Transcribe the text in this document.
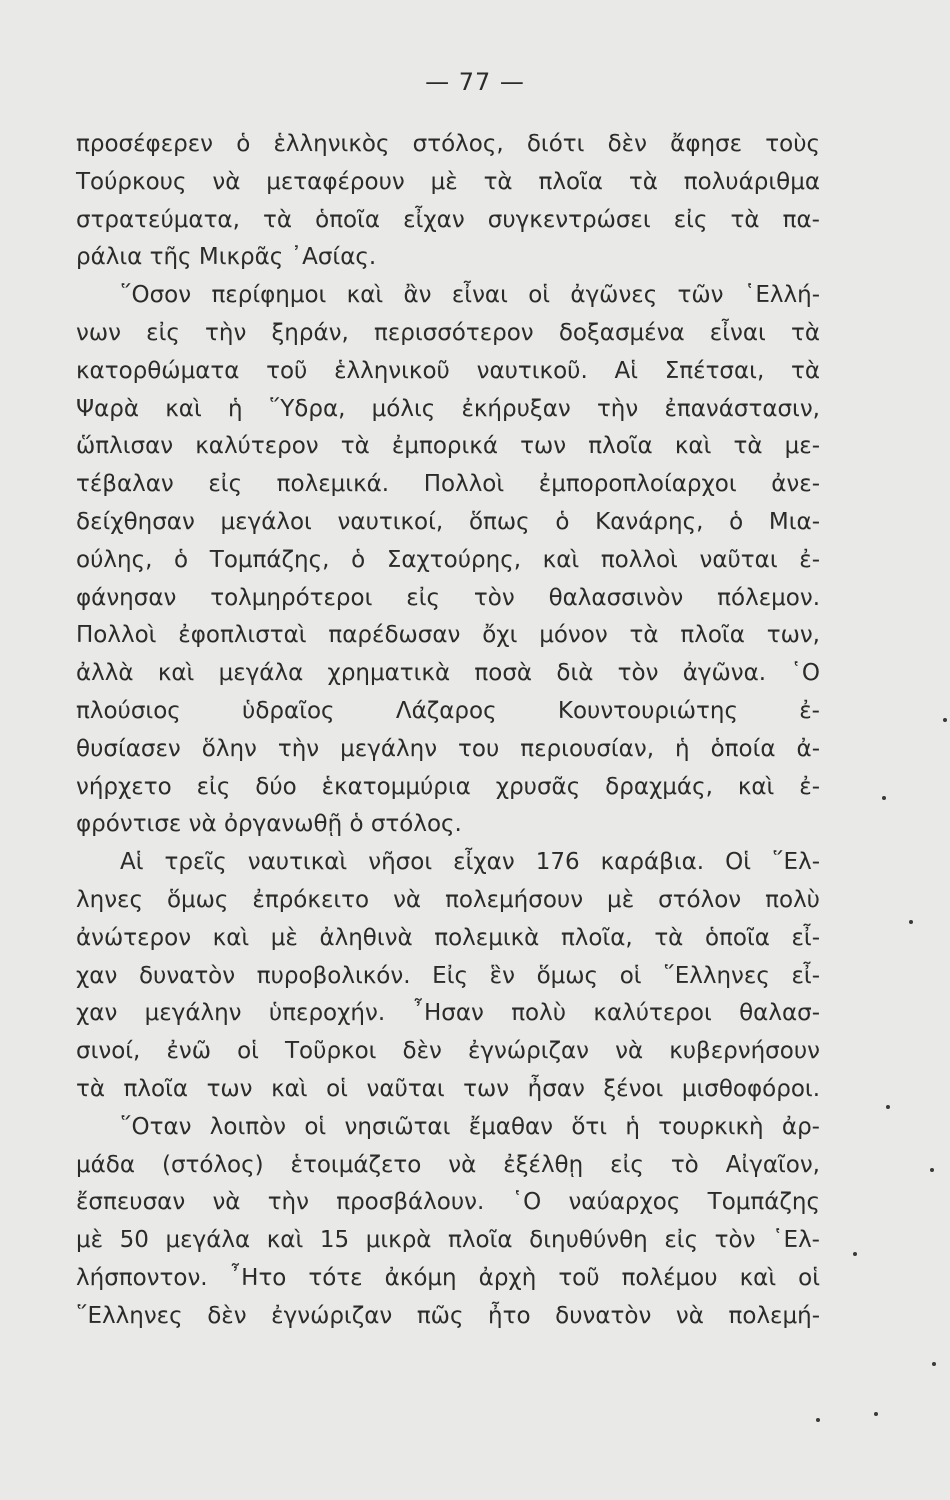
— 77 —
προσέφερεν ὁ ἑλληνικὸς στόλος, διότι δὲν ἄφησε τοὺς
Τούρκους νὰ μεταφέρουν μὲ τὰ πλοῖα τὰ πολυάριθμα
στρατεύματα, τὰ ὁποῖα εἶχαν συγκεντρώσει εἰς τὰ πα-
ράλια τῆς Μικρᾶς ᾿Ασίας.
῞Οσον περίφημοι καὶ ἂν εἶναι οἱ ἀγῶνες τῶν ῾Ελλή-
νων εἰς τὴν ξηράν, περισσότερον δοξασμένα εἶναι τὰ
κατορθώματα τοῦ ἑλληνικοῦ ναυτικοῦ. Αἱ Σπέτσαι, τὰ
Ψαρὰ καὶ ἡ ῞Υδρα, μόλις ἐκήρυξαν τὴν ἐπανάστασιν,
ὥπλισαν καλύτερον τὰ ἐμπορικά των πλοῖα καὶ τὰ με-
τέβαλαν εἰς πολεμικά. Πολλοὶ ἐμποροπλοίαρχοι ἀνε-
δείχθησαν μεγάλοι ναυτικοί, ὅπως ὁ Κανάρης, ὁ Μια-
ούλης, ὁ Τομπάζης, ὁ Σαχτούρης, καὶ πολλοὶ ναῦται ἐ-
φάνησαν τολμηρότεροι εἰς τὸν θαλασσινὸν πόλεμον.
Πολλοὶ ἐφοπλισταὶ παρέδωσαν ὄχι μόνον τὰ πλοῖα των,
ἀλλὰ καὶ μεγάλα χρηματικὰ ποσὰ διὰ τὸν ἀγῶνα. ῾Ο
πλούσιος ὑδραῖος Λάζαρος Κουντουριώτης ἐ-
θυσίασεν ὅλην τὴν μεγάλην του περιουσίαν, ἡ ὁποία ἀ-
νήρχετο εἰς δύο ἑκατομμύρια χρυσᾶς δραχμάς, καὶ ἐ-
φρόντισε νὰ ὀργανωθῇ ὁ στόλος.
Αἱ τρεῖς ναυτικαὶ νῆσοι εἶχαν 176 καράβια. Οἱ ῞Ελ-
ληνες ὅμως ἐπρόκειτο νὰ πολεμήσουν μὲ στόλον πολὺ
ἀνώτερον καὶ μὲ ἀληθινὰ πολεμικὰ πλοῖα, τὰ ὁποῖα εἶ-
χαν δυνατὸν πυροβολικόν. Εἰς ἓν ὅμως οἱ ῞Ελληνες εἶ-
χαν μεγάλην ὑπεροχήν. ῏Ησαν πολὺ καλύτεροι θαλασ-
σινοί, ἐνῶ οἱ Τοῦρκοι δὲν ἐγνώριζαν νὰ κυβερνήσουν
τὰ πλοῖα των καὶ οἱ ναῦται των ἦσαν ξένοι μισθοφόροι.
῞Οταν λοιπὸν οἱ νησιῶται ἔμαθαν ὅτι ἡ τουρκικὴ ἀρ-
μάδα (στόλος) ἑτοιμάζετο νὰ ἐξέλθῃ εἰς τὸ Αἰγαῖον,
ἔσπευσαν νὰ τὴν προσβάλουν. ῾Ο ναύαρχος Τομπάζης
μὲ 50 μεγάλα καὶ 15 μικρὰ πλοῖα διηυθύνθη εἰς τὸν ῾Ελ-
λήσποντον. ῏Ητο τότε ἀκόμη ἀρχὴ τοῦ πολέμου καὶ οἱ
῞Ελληνες δὲν ἐγνώριζαν πῶς ἦτο δυνατὸν νὰ πολεμή-
